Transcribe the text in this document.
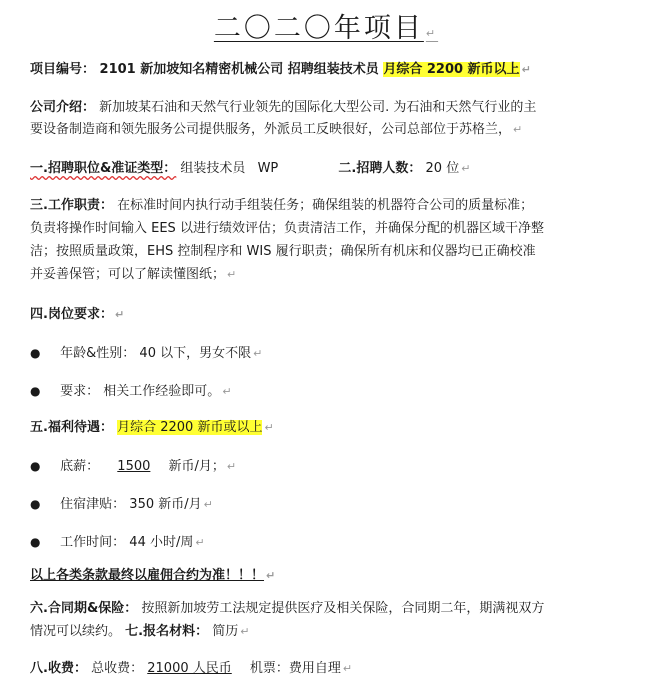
二〇二〇年项目 ↵
项目编号： 2101 新加坡知名精密机械公司 招聘组装技术员 月综合 2200 新币以上 ↵
公司介绍： 新加坡某石油和天然气行业领先的国际化大型公司. 为石油和天然气行业的主
要设备制造商和领先服务公司提供服务，外派员工反映很好，公司总部位于苏格兰， ↵
一.招聘职位&准证类型： 组装技术员 WP	二.招聘人数： 20 位 ↵
三.工作职责： 在标准时间内执行动手组装任务；确保组装的机器符合公司的质量标准；
负责将操作时间输入 EES 以进行绩效评估；负责清洁工作，并确保分配的机器区域干净整
洁；按照质量政策，EHS 控制程序和 WIS 履行职责；确保所有机床和仪器均已正确校准
并妥善保管；可以了解读懂图纸； ↵
四.岗位要求： ↵
● 年龄&性别： 40 以下，男女不限 ↵
● 要求： 相关工作经验即可。 ↵
五.福利待遇： 月综合 2200 新币或以上 ↵
● 底薪： 1500 新币/月； ↵
● 住宿津贴： 350 新币/月 ↵
● 工作时间： 44 小时/周 ↵
以上各类条款最终以雇佣合约为准！！！ ↵
六.合同期&保险： 按照新加坡劳工法规定提供医疗及相关保险，合同期二年，期满视双方
情况可以续约。 七.报名材料： 简历 ↵
八.收费： 总收费： 21000 人民币 机票：费用自理 ↵
